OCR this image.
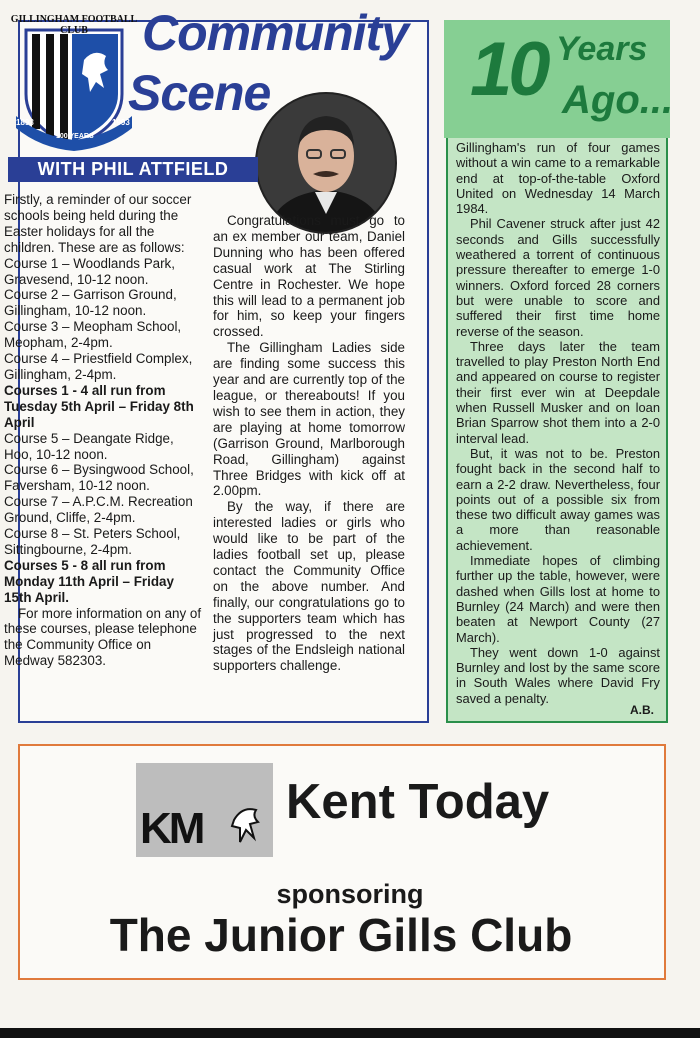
GILLINGHAM FOOTBALL CLUB
1893
100 YEARS
1993
Community
Scene
WITH PHIL ATTFIELD

Firstly, a reminder of our soccer schools being held during the Easter holidays for all the children. These are as follows:

Course 1 – Woodlands Park, Gravesend, 10-12 noon.

Course 2 – Garrison Ground, Gillingham, 10-12 noon.

Course 3 – Meopham School, Meopham, 2-4pm.

Course 4 – Priestfield Complex, Gillingham, 2-4pm.

Courses 1 - 4 all run from Tuesday 5th April – Friday 8th April

Course 5 – Deangate Ridge, Hoo, 10-12 noon.

Course 6 – Bysingwood School, Faversham, 10-12 noon.

Course 7 – A.P.C.M. Recreation Ground, Cliffe, 2-4pm.

Course 8 – St. Peters School, Sittingbourne, 2-4pm.

Courses 5 - 8 all run from Monday 11th April – Friday 15th April.

For more information on any of these courses, please telephone the Community Office on Medway 582303.

Congratulations must go to an ex member our team, Daniel Dunning who has been offered casual work at The Stirling Centre in Rochester. We hope this will lead to a permanent job for him, so keep your fingers crossed.

The Gillingham Ladies side are finding some success this year and are currently top of the league, or thereabouts! If you wish to see them in action, they are playing at home tomorrow (Garrison Ground, Marlborough Road, Gillingham) against Three Bridges with kick off at 2.00pm.

By the way, if there are interested ladies or girls who would like to be part of the ladies football set up, please contact the Community Office on the above number. And finally, our congratulations go to the supporters team which has just progressed to the next stages of the Endsleigh national supporters challenge.

10 Years
Ago...

Gillingham's run of four games without a win came to a remarkable end at top-of-the-table Oxford United on Wednesday 14 March 1984.

Phil Cavener struck after just 42 seconds and Gills successfully weathered a torrent of continuous pressure thereafter to emerge 1-0 winners. Oxford forced 28 corners but were unable to score and suffered their first time home reverse of the season.

Three days later the team travelled to play Preston North End and appeared on course to register their first ever win at Deepdale when Russell Musker and on loan Brian Sparrow shot them into a 2-0 interval lead.

But, it was not to be. Preston fought back in the second half to earn a 2-2 draw. Nevertheless, four points out of a possible six from these two difficult away games was a more than reasonable achievement.

Immediate hopes of climbing further up the table, however, were dashed when Gills lost at home to Burnley (24 March) and were then beaten at Newport County (27 March).

They went down 1-0 against Burnley and lost by the same score in South Wales where David Fry saved a penalty.

A.B.
KM Kent Today
sponsoring
The Junior Gills Club
